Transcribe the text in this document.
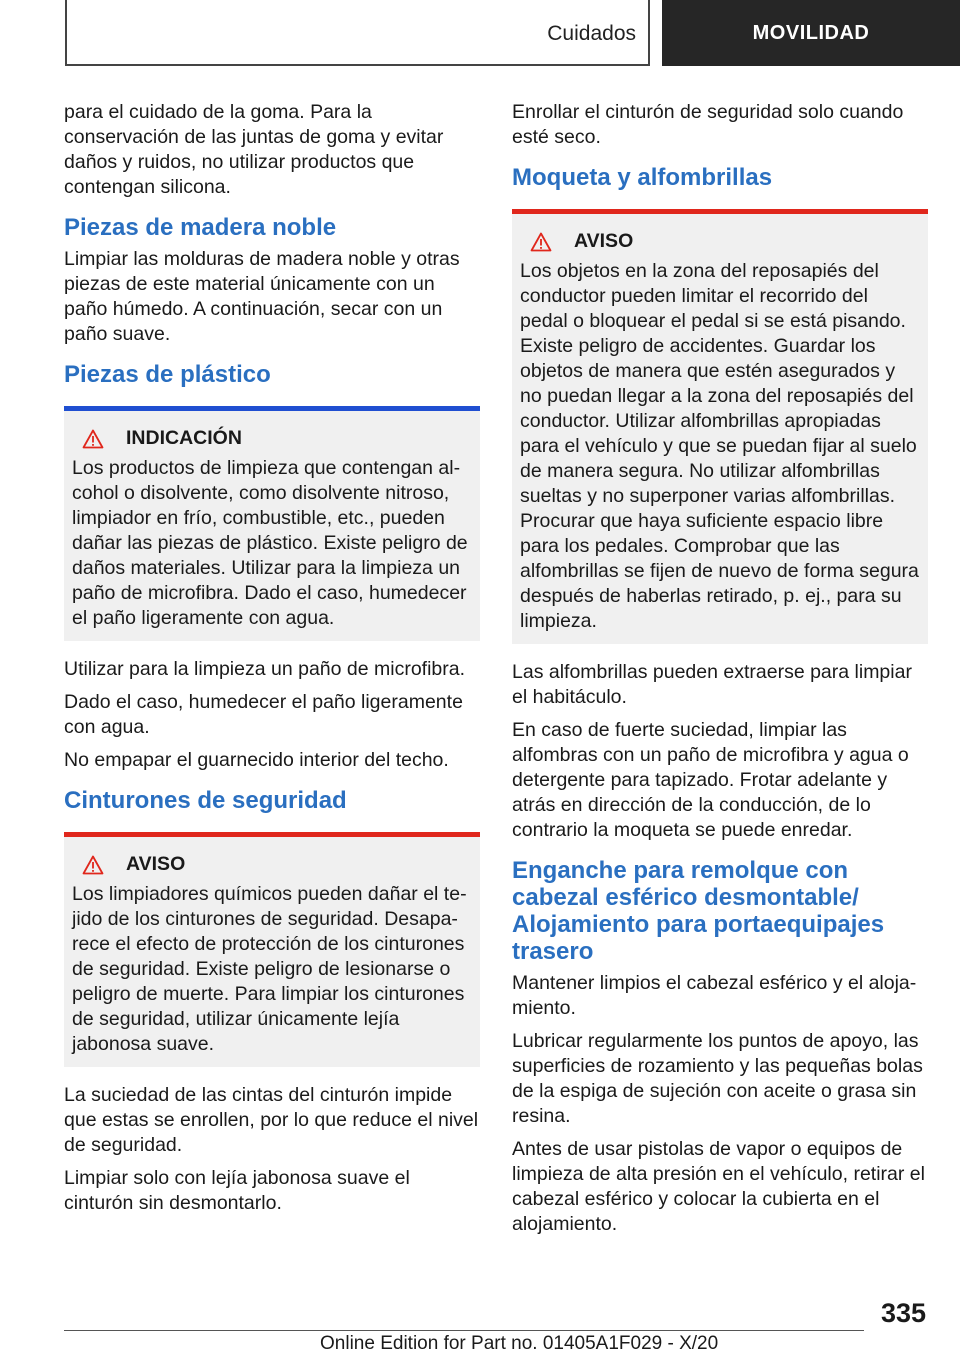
Cuidados	MOVILIDAD

para el cuidado de la goma. Para la conservación de las juntas de goma y evitar daños y ruidos, no utilizar productos que contengan silicona.

Piezas de madera noble

Limpiar las molduras de madera noble y otras piezas de este material únicamente con un paño húmedo. A continuación, secar con un paño suave.

Piezas de plástico
INDICACIÓN

Los productos de limpieza que contengan alcohol o disolvente, como disolvente nitroso, limpiador en frío, combustible, etc., pueden dañar las piezas de plástico. Existe peligro de daños materiales. Utilizar para la limpieza un paño de microfibra. Dado el caso, humedecer el paño ligeramente con agua.

Utilizar para la limpieza un paño de microfibra.

Dado el caso, humedecer el paño ligeramente con agua.

No empapar el guarnecido interior del techo.

Cinturones de seguridad
AVISO

Los limpiadores químicos pueden dañar el tejido de los cinturones de seguridad. Desaparece el efecto de protección de los cinturones de seguridad. Existe peligro de lesionarse o peligro de muerte. Para limpiar los cinturones de seguridad, utilizar únicamente lejía jabonosa suave.

La suciedad de las cintas del cinturón impide que estas se enrollen, por lo que reduce el nivel de seguridad.

Limpiar solo con lejía jabonosa suave el cinturón sin desmontarlo.

Enrollar el cinturón de seguridad solo cuando esté seco.

Moqueta y alfombrillas
AVISO

Los objetos en la zona del reposapiés del conductor pueden limitar el recorrido del pedal o bloquear el pedal si se está pisando. Existe peligro de accidentes. Guardar los objetos de manera que estén asegurados y no puedan llegar a la zona del reposapiés del conductor. Utilizar alfombrillas apropiadas para el vehículo y que se puedan fijar al suelo de manera segura. No utilizar alfombrillas sueltas y no superponer varias alfombrillas. Procurar que haya suficiente espacio libre para los pedales. Comprobar que las alfombrillas se fijen de nuevo de forma segura después de haberlas retirado, p. ej., para su limpieza.

Las alfombrillas pueden extraerse para limpiar el habitáculo.

En caso de fuerte suciedad, limpiar las alfombras con un paño de microfibra y agua o detergente para tapizado. Frotar adelante y atrás en dirección de la conducción, de lo contrario la moqueta se puede enredar.

Enganche para remolque con cabezal esférico desmontable/ Alojamiento para portaequipajes trasero

Mantener limpios el cabezal esférico y el alojamiento.

Lubricar regularmente los puntos de apoyo, las superficies de rozamiento y las pequeñas bolas de la espiga de sujeción con aceite o grasa sin resina.

Antes de usar pistolas de vapor o equipos de limpieza de alta presión en el vehículo, retirar el cabezal esférico y colocar la cubierta en el alojamiento.

335
Online Edition for Part no. 01405A1F029 - X/20
